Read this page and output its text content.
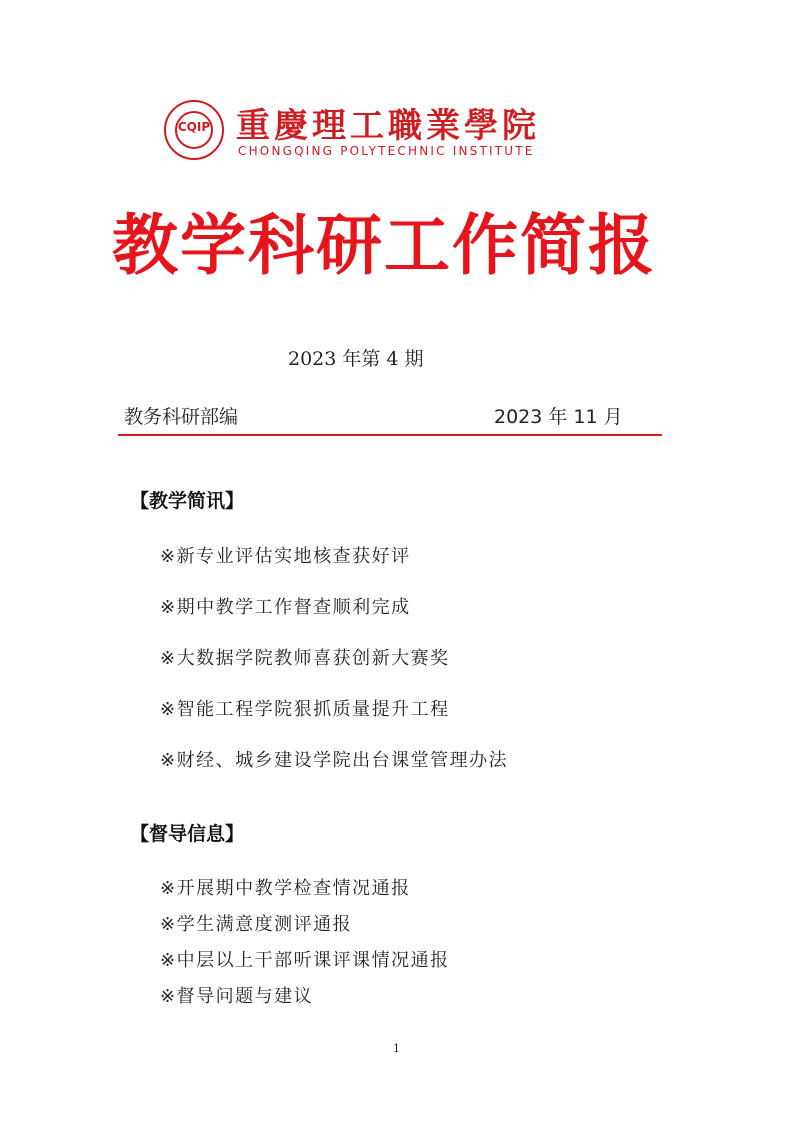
CQIP 重慶理工職業學院
CHONGQING POLYTECHNIC INSTITUTE
教学科研工作简报
2023 年第 4 期
教务科研部编	2023 年 11 月
【教学简讯】
※新专业评估实地核查获好评
※期中教学工作督查顺利完成
※大数据学院教师喜获创新大赛奖
※智能工程学院狠抓质量提升工程
※财经、城乡建设学院出台课堂管理办法
【督导信息】
※开展期中教学检查情况通报
※学生满意度测评通报
※中层以上干部听课评课情况通报
※督导问题与建议
1
